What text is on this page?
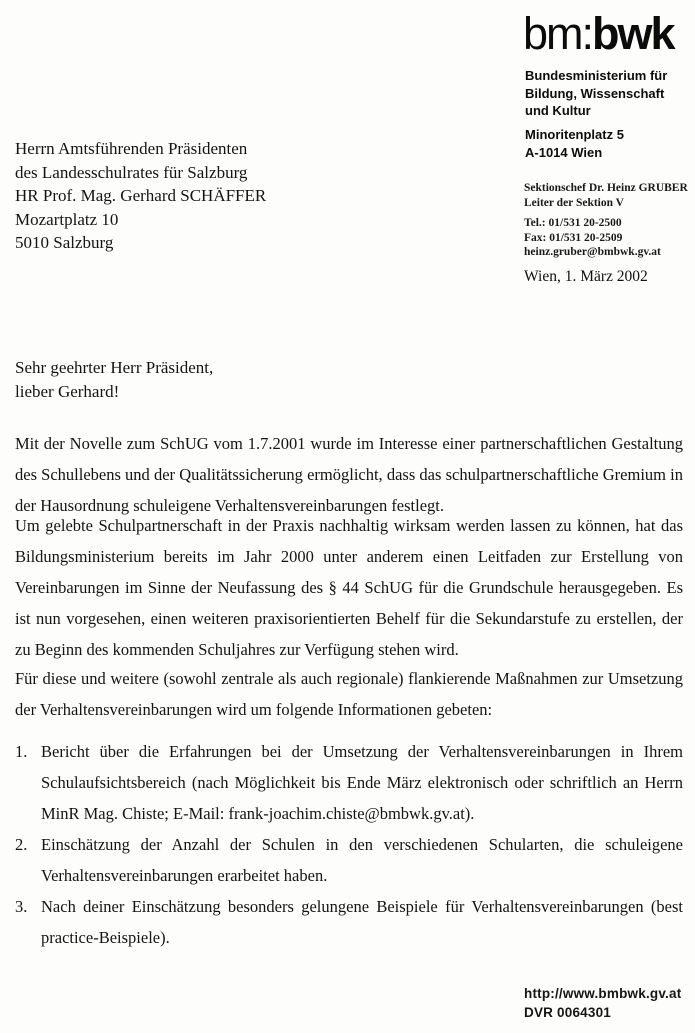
bm:bwk
Bundesministerium für
Bildung, Wissenschaft
und Kultur
Minoritenplatz 5
A-1014 Wien
Sektionschef Dr. Heinz GRUBER
Leiter der Sektion V
Tel.: 01/531 20-2500
Fax: 01/531 20-2509
heinz.gruber@bmbwk.gv.at
Wien, 1. März 2002
Herrn Amtsführenden Präsidenten
des Landesschulrates für Salzburg
HR Prof. Mag. Gerhard SCHÄFFER
Mozartplatz 10
5010 Salzburg
Sehr geehrter Herr Präsident,
lieber Gerhard!
Mit der Novelle zum SchUG vom 1.7.2001 wurde im Interesse einer partnerschaftlichen Gestaltung des Schullebens und der Qualitätssicherung ermöglicht, dass das schulpartnerschaftliche Gremium in der Hausordnung schuleigene Verhaltensvereinbarungen festlegt.
Um gelebte Schulpartnerschaft in der Praxis nachhaltig wirksam werden lassen zu können, hat das Bildungsministerium bereits im Jahr 2000 unter anderem einen Leitfaden zur Erstellung von Vereinbarungen im Sinne der Neufassung des § 44 SchUG für die Grundschule herausgegeben. Es ist nun vorgesehen, einen weiteren praxisorientierten Behelf für die Sekundarstufe zu erstellen, der zu Beginn des kommenden Schuljahres zur Verfügung stehen wird.
Für diese und weitere (sowohl zentrale als auch regionale) flankierende Maßnahmen zur Umsetzung der Verhaltensvereinbarungen wird um folgende Informationen gebeten:
1. Bericht über die Erfahrungen bei der Umsetzung der Verhaltensvereinbarungen in Ihrem Schulaufsichtsbereich (nach Möglichkeit bis Ende März elektronisch oder schriftlich an Herrn MinR Mag. Chiste; E-Mail: frank-joachim.chiste@bmbwk.gv.at).
2. Einschätzung der Anzahl der Schulen in den verschiedenen Schularten, die schuleigene Verhaltensvereinbarungen erarbeitet haben.
3. Nach deiner Einschätzung besonders gelungene Beispiele für Verhaltensvereinbarungen (best practice-Beispiele).
http://www.bmbwk.gv.at
DVR 0064301
